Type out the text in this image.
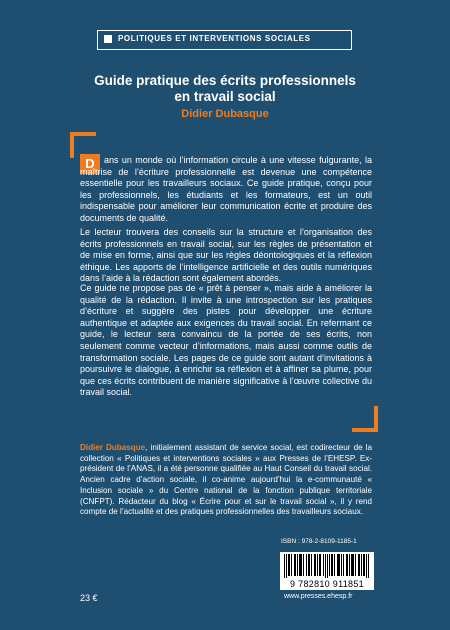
POLITIQUES ET INTERVENTIONS SOCIALES
Guide pratique des écrits professionnels
en travail social
Didier Dubasque
D	ans un monde où l’information circule à une vitesse fulgurante, la maîtrise de l’écriture professionnelle est devenue une compétence essentielle pour les travailleurs sociaux. Ce guide pratique, conçu pour les professionnels, les étudiants et les formateurs, est un outil indispensable pour améliorer leur communication écrite et produire des documents de qualité.
Le lecteur trouvera des conseils sur la structure et l’organisation des écrits professionnels en travail social, sur les règles de présentation et de mise en forme, ainsi que sur les règles déontologiques et la réflexion éthique. Les apports de l’intelligence artificielle et des outils numériques dans l’aide à la rédaction sont également abordés.
Ce guide ne propose pas de « prêt à penser », mais aide à améliorer la qualité de la rédaction. Il invite à une introspection sur les pratiques d’écriture et suggère des pistes pour développer une écriture authentique et adaptée aux exigences du travail social. En refermant ce guide, le lecteur sera convaincu de la portée de ses écrits, non seulement comme vecteur d’informations, mais aussi comme outils de transformation sociale. Les pages de ce guide sont autant d’invitations à poursuivre le dialogue, à enrichir sa réflexion et à affiner sa plume, pour que ces écrits contribuent de manière significative à l’œuvre collective du travail social.
Didier Dubasque, initialement assistant de service social, est codirecteur de la collection « Politiques et interventions sociales » aux Presses de l’EHESP. Ex-président de l’ANAS, il a été personne qualifiée au Haut Conseil du travail social. Ancien cadre d’action sociale, il co-anime aujourd’hui la e-communauté « Inclusion sociale » du Centre national de la fonction publique territoriale (CNFPT). Rédacteur du blog « Écrire pour et sur le travail social », il y rend compte de l’actualité et des pratiques professionnelles des travailleurs sociaux.
ISBN : 978-2-8109-1185-1
9 782810 911851
23 €	www.presses.ehesp.fr
